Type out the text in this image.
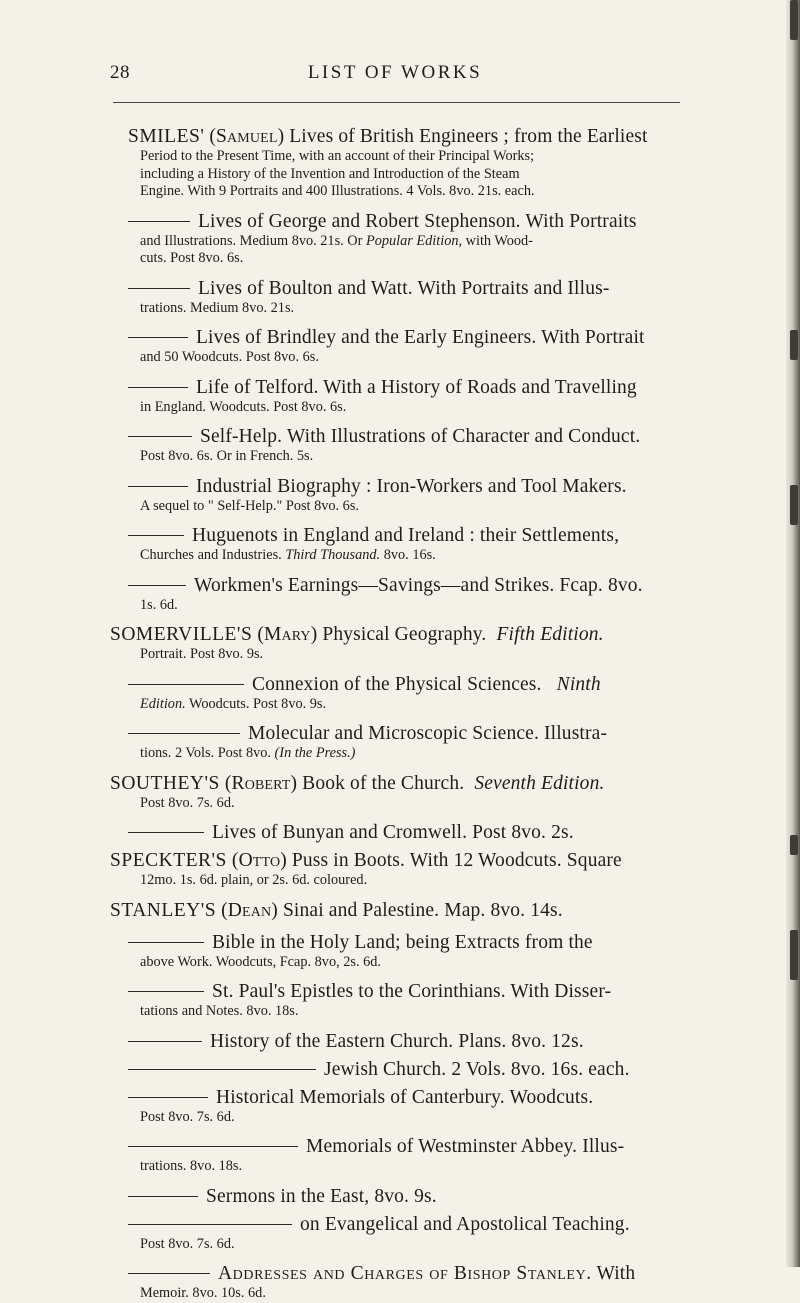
28	LIST OF WORKS
SMILES' (Samuel) Lives of British Engineers ; from the Earliest
Period to the Present Time, with an account of their Principal Works;
including a History of the Invention and Introduction of the Steam
Engine. With 9 Portraits and 400 Illustrations. 4 Vols. 8vo. 21s. each.
Lives of George and Robert Stephenson. With Portraits
and Illustrations. Medium 8vo. 21s. Or Popular Edition, with Wood-
cuts. Post 8vo. 6s.
Lives of Boulton and Watt. With Portraits and Illus-
trations. Medium 8vo. 21s.
Lives of Brindley and the Early Engineers. With Portrait
and 50 Woodcuts. Post 8vo. 6s.
Life of Telford. With a History of Roads and Travelling
in England. Woodcuts. Post 8vo. 6s.
Self-Help. With Illustrations of Character and Conduct.
Post 8vo. 6s. Or in French. 5s.
Industrial Biography : Iron-Workers and Tool Makers.
A sequel to " Self-Help." Post 8vo. 6s.
Huguenots in England and Ireland : their Settlements,
Churches and Industries. Third Thousand. 8vo. 16s.
Workmen's Earnings—Savings—and Strikes. Fcap. 8vo.
1s. 6d.
SOMERVILLE'S (Mary) Physical Geography. Fifth Edition.
Portrait. Post 8vo. 9s.
Connexion of the Physical Sciences. Ninth
Edition. Woodcuts. Post 8vo. 9s.
Molecular and Microscopic Science. Illustra-
tions. 2 Vols. Post 8vo. (In the Press.)
SOUTHEY'S (Robert) Book of the Church. Seventh Edition.
Post 8vo. 7s. 6d.
Lives of Bunyan and Cromwell. Post 8vo. 2s.
SPECKTER'S (Otto) Puss in Boots. With 12 Woodcuts. Square
12mo. 1s. 6d. plain, or 2s. 6d. coloured.
STANLEY'S (Dean) Sinai and Palestine. Map. 8vo. 14s.
Bible in the Holy Land; being Extracts from the
above Work. Woodcuts, Fcap. 8vo, 2s. 6d.
St. Paul's Epistles to the Corinthians. With Disser-
tations and Notes. 8vo. 18s.
History of the Eastern Church. Plans. 8vo. 12s.
Jewish Church. 2 Vols. 8vo. 16s. each.
Historical Memorials of Canterbury. Woodcuts.
Post 8vo. 7s. 6d.
Memorials of Westminster Abbey. Illus-
trations. 8vo. 18s.
Sermons in the East, 8vo. 9s.
on Evangelical and Apostolical Teaching.
Post 8vo. 7s. 6d.
Addresses and Charges of Bishop Stanley. With
Memoir. 8vo. 10s. 6d.
